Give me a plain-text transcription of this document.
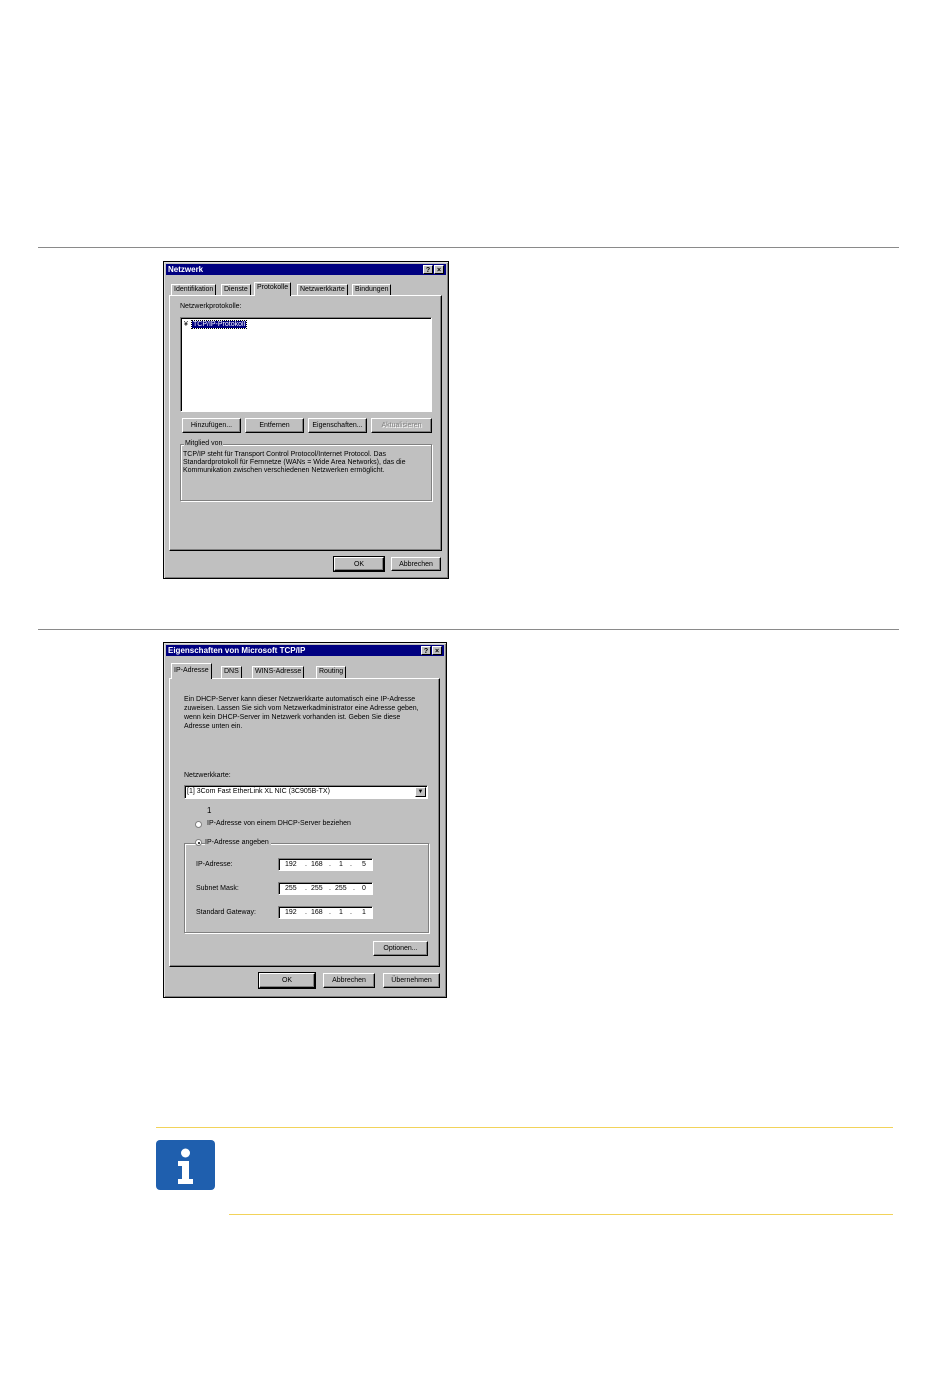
Netzwerk	? ×
Identifikation	Dienste	Protokolle	Netzwerkkarte	Bindungen
Netzwerkprotokolle:
¥ TCP/IP-Protokoll
Hinzufügen...	Entfernen	Eigenschaften...	Aktualisieren
TCP/IP steht für Transport Control Protocol/Internet Protocol. Das Standardprotokoll für Fernnetze (WANs = Wide Area Networks), das die Kommunikation zwischen verschiedenen Netzwerken ermöglicht.
Mitglied von
OK	Abbrechen
Eigenschaften von Microsoft TCP/IP	? ×
IP-Adresse	DNS	WINS-Adresse	Routing
Ein DHCP-Server kann dieser Netzwerkkarte automatisch eine IP-Adresse zuweisen. Lassen Sie sich vom Netzwerkadministrator eine Adresse geben, wenn kein DHCP-Server im Netzwerk vorhanden ist. Geben Sie diese Adresse unten ein.
Netzwerkkarte:
[1] 3Com Fast EtherLink XL NIC (3C905B-TX)	▼
1
IP-Adresse von einem DHCP-Server beziehen
IP-Adresse angeben
IP-Adresse:	192 . 168 . 1 . 5
Subnet Mask:	255 . 255 . 255 . 0
Standard Gateway:	192 . 168 . 1 . 1
Optionen...
OK	Abbrechen	Übernehmen
